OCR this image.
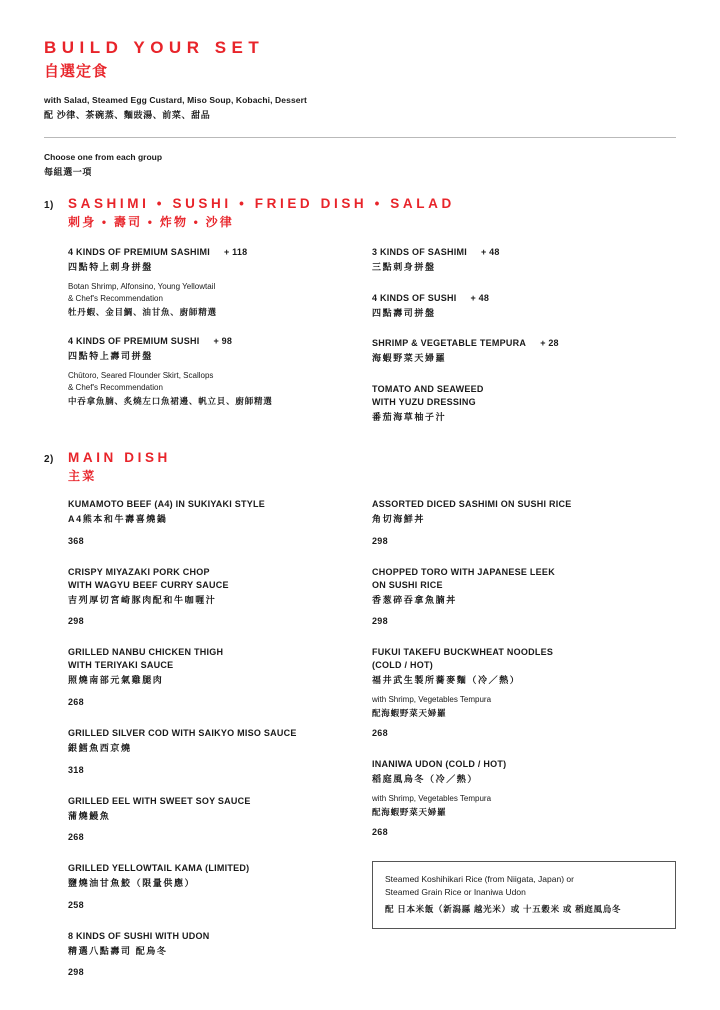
BUILD YOUR SET
自選定食
with Salad, Steamed Egg Custard, Miso Soup, Kobachi, Dessert
配 沙律、茶碗蒸、麵豉湯、前菜、甜品
Choose one from each group
每組選一項
1)	SASHIMI • SUSHI • FRIED DISH • SALAD
刺身 • 壽司 • 炸物 • 沙律

4 KINDS OF PREMIUM SASHIMI + 118

四點特上刺身拼盤

Botan Shrimp, Alfonsino, Young Yellowtail
& Chef's Recommendation

牡丹蝦、金目鯛、油甘魚、廚師精選

4 KINDS OF PREMIUM SUSHI + 98

四點特上壽司拼盤

Chūtoro, Seared Flounder Skirt, Scallops
& Chef's Recommendation

中吞拿魚腩、炙燒左口魚裙邊、帆立貝、廚師精選

3 KINDS OF SASHIMI + 48

三點刺身拼盤

4 KINDS OF SUSHI + 48

四點壽司拼盤

SHRIMP & VEGETABLE TEMPURA + 28

海蝦野菜天婦羅

TOMATO AND SEAWEED
WITH YUZU DRESSING

番茄海草柚子汁

2)	MAIN DISH
主菜

KUMAMOTO BEEF (A4) IN SUKIYAKI STYLE

A4熊本和牛壽喜燒鍋

368

CRISPY MIYAZAKI PORK CHOP
WITH WAGYU BEEF CURRY SAUCE

吉列厚切宮崎豚肉配和牛咖喱汁

298

GRILLED NANBU CHICKEN THIGH
WITH TERIYAKI SAUCE

照燒南部元氣雞腿肉

268

GRILLED SILVER COD WITH SAIKYO MISO SAUCE

銀鱈魚西京燒

318

GRILLED EEL WITH SWEET SOY SAUCE

蒲燒鰻魚

268

GRILLED YELLOWTAIL KAMA (LIMITED)

鹽燒油甘魚鮫（限量供應）

258

8 KINDS OF SUSHI WITH UDON

精選八點壽司 配烏冬

298

ASSORTED DICED SASHIMI ON SUSHI RICE

角切海鮮丼

298

CHOPPED TORO WITH JAPANESE LEEK
ON SUSHI RICE

香葱碎吞拿魚腩丼

298

FUKUI TAKEFU BUCKWHEAT NOODLES
(COLD / HOT)

福井武生製所蕎麥麵（冷／熱）

with Shrimp, Vegetables Tempura

配海蝦野菜天婦羅

268

INANIWA UDON (COLD / HOT)

稻庭風烏冬（冷／熱）

with Shrimp, Vegetables Tempura

配海蝦野菜天婦羅

268

Steamed Koshihikari Rice (from Niigata, Japan) or
Steamed Grain Rice or Inaniwa Udon

配 日本米飯（新潟縣 越光米）或 十五穀米 或 稻庭風烏冬
